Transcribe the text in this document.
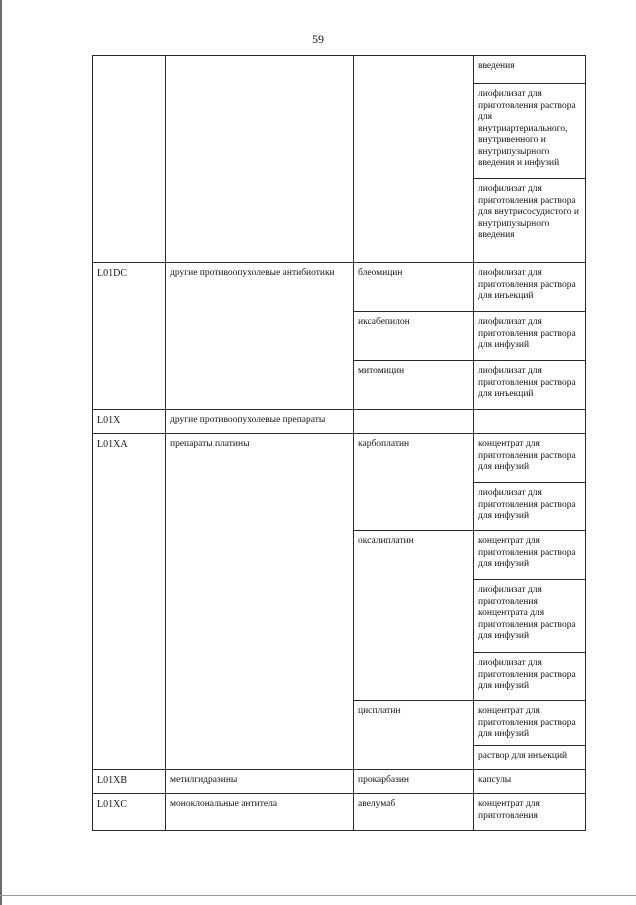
59
			введения
			лиофилизат для приготовления раствора для внутриартериального, внутривенного и внутрипузырного введения и инфузий
			лиофилизат для приготовления раствора для внутрисосудистого и внутрипузырного введения
L01DC	другие противоопухолевые антибиотики	блеомицин	лиофилизат для приготовления раствора для инъекций
		иксабепилон	лиофилизат для приготовления раствора для инфузий
		митомицин	лиофилизат для приготовления раствора для инъекций
L01X	другие противоопухолевые препараты		
L01XA	препараты платины	карбоплатин	концентрат для приготовления раствора для инфузий
			лиофилизат для приготовления раствора для инфузий
		оксалиплатин	концентрат для приготовления раствора для инфузий
			лиофилизат для приготовления концентрата для приготовления раствора для инфузий
			лиофилизат для приготовления раствора для инфузий
		цисплатин	концентрат для приготовления раствора для инфузий
			раствор для инъекций
L01XB	метилгидразины	прокарбазин	капсулы
L01XC	моноклональные антитела	авелумаб	концентрат для приготовления
